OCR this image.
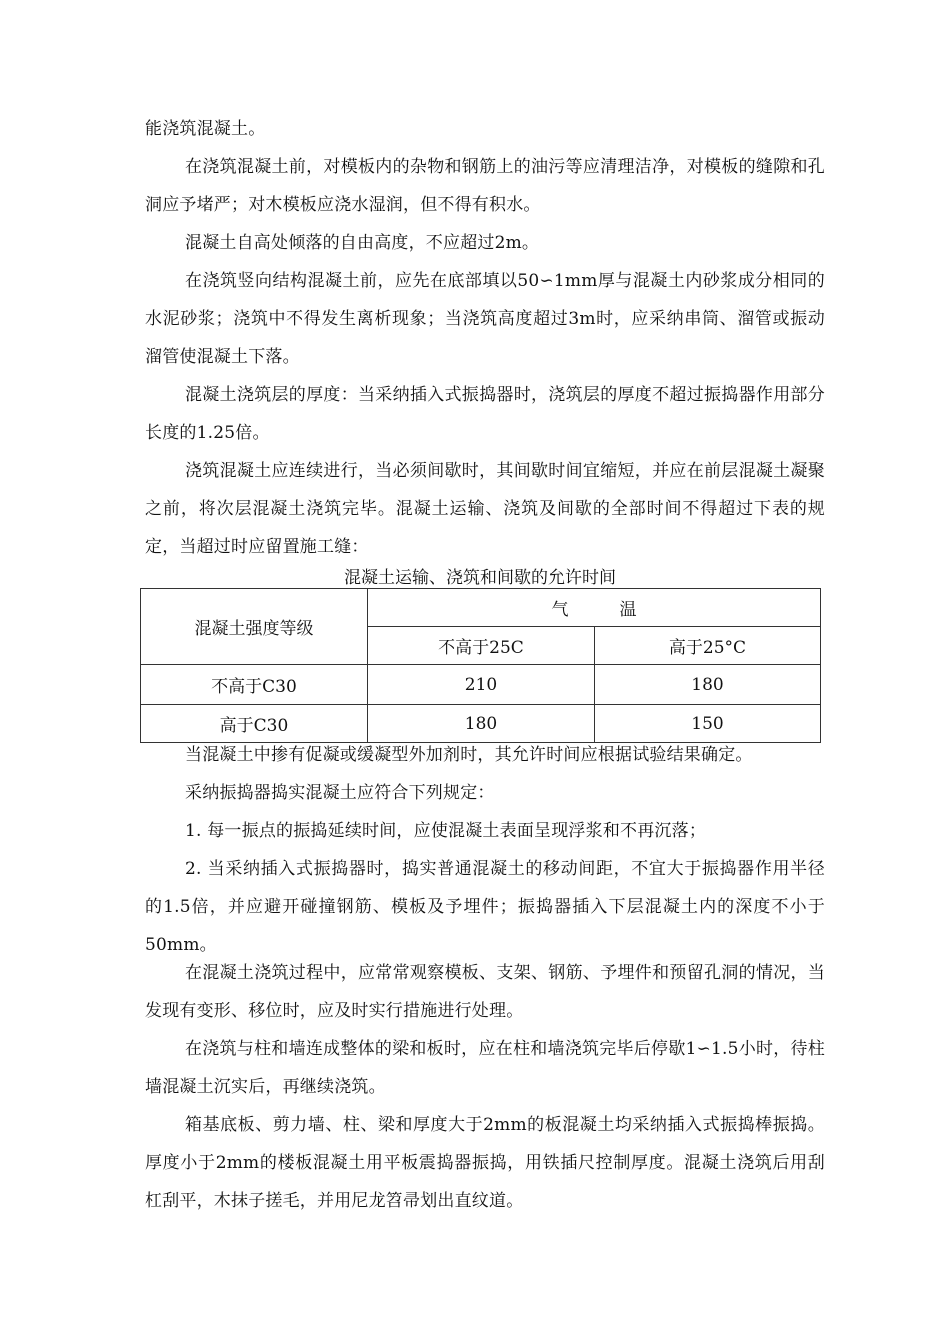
能浇筑混凝土。

在浇筑混凝土前，对模板内的杂物和钢筋上的油污等应清理洁净，对模板的缝隙和孔洞应予堵严；对木模板应浇水湿润，但不得有积水。

混凝土自高处倾落的自由高度，不应超过2m。

在浇筑竖向结构混凝土前，应先在底部填以50∽1mm厚与混凝土内砂浆成分相同的水泥砂浆；浇筑中不得发生离析现象；当浇筑高度超过3m时，应采纳串筒、溜管或振动溜管使混凝土下落。

混凝土浇筑层的厚度：当采纳插入式振捣器时，浇筑层的厚度不超过振捣器作用部分长度的1.25倍。

浇筑混凝土应连续进行，当必须间歇时，其间歇时间宜缩短，并应在前层混凝土凝聚之前，将次层混凝土浇筑完毕。混凝土运输、浇筑及间歇的全部时间不得超过下表的规定，当超过时应留置施工缝：

混凝土运输、浇筑和间歇的允许时间

混凝土强度等级	气　　　温	
	不高于25C	高于25°C
不高于C30	210	180
高于C30	180	150

当混凝土中掺有促凝或缓凝型外加剂时，其允许时间应根据试验结果确定。

采纳振捣器捣实混凝土应符合下列规定：

1. 每一振点的振捣延续时间，应使混凝土表面呈现浮浆和不再沉落；

2. 当采纳插入式振捣器时，捣实普通混凝土的移动间距，不宜大于振捣器作用半径的1.5倍，并应避开碰撞钢筋、模板及予埋件；振捣器插入下层混凝土内的深度不小于50mm。

在混凝土浇筑过程中，应常常观察模板、支架、钢筋、予埋件和预留孔洞的情况，当发现有变形、移位时，应及时实行措施进行处理。

在浇筑与柱和墙连成整体的梁和板时，应在柱和墙浇筑完毕后停歇1∽1.5小时，待柱墙混凝土沉实后，再继续浇筑。

箱基底板、剪力墙、柱、梁和厚度大于2mm的板混凝土均采纳插入式振捣棒振捣。厚度小于2mm的楼板混凝土用平板震捣器振捣，用铁插尺控制厚度。混凝土浇筑后用刮杠刮平，木抹子搓毛，并用尼龙笤帚划出直纹道。
